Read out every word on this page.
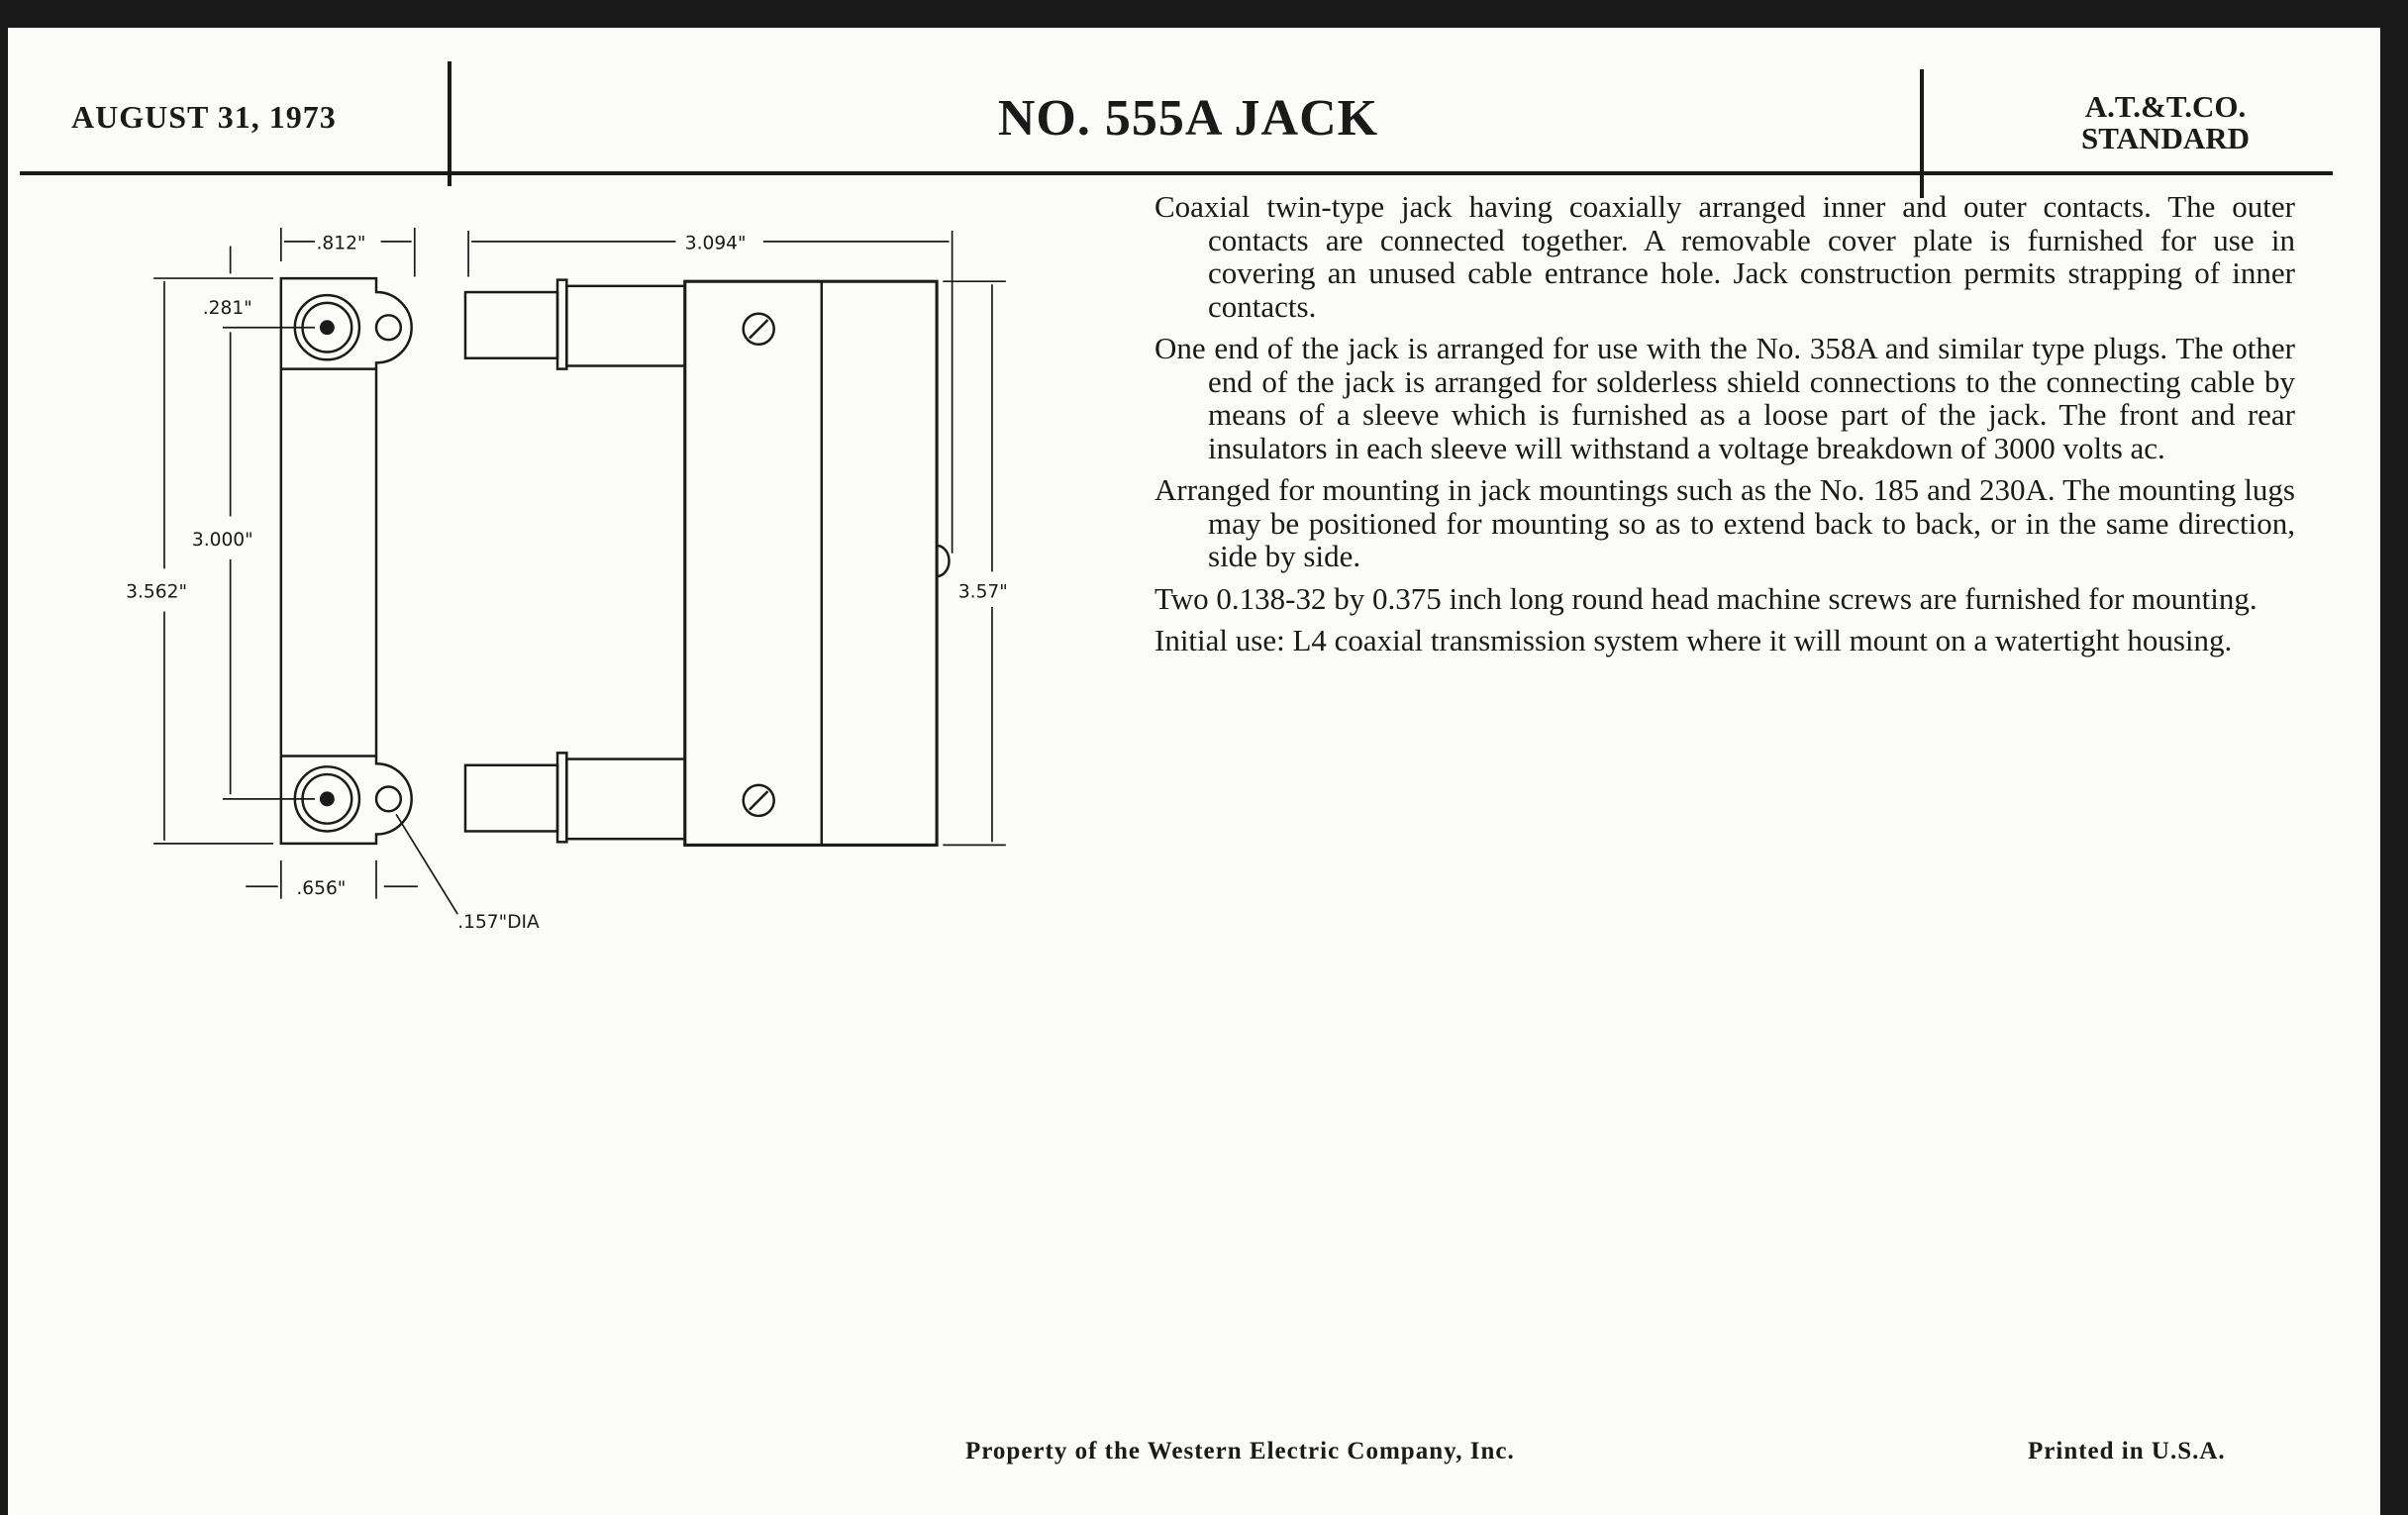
AUGUST 31, 1973	NO. 555A JACK	A.T.&T.CO.
STANDARD
.812"	3.094"
.281"
3.000"
3.562"	3.57"
.656"
.157"DIA

Coaxial twin-type jack having coaxially arranged inner and outer contacts. The outer contacts are connected together. A removable cover plate is furnished for use in covering an unused cable entrance hole. Jack construction permits strapping of inner contacts.

One end of the jack is arranged for use with the No. 358A and similar type plugs. The other end of the jack is arranged for solderless shield connections to the connecting cable by means of a sleeve which is furnished as a loose part of the jack. The front and rear insulators in each sleeve will withstand a voltage breakdown of 3000 volts ac.

Arranged for mounting in jack mountings such as the No. 185 and 230A. The mounting lugs may be positioned for mounting so as to extend back to back, or in the same direction, side by side.

Two 0.138-32 by 0.375 inch long round head machine screws are furnished for mounting.

Initial use: L4 coaxial transmission system where it will mount on a watertight housing.

Property of the Western Electric Company, Inc.	Printed in U.S.A.
